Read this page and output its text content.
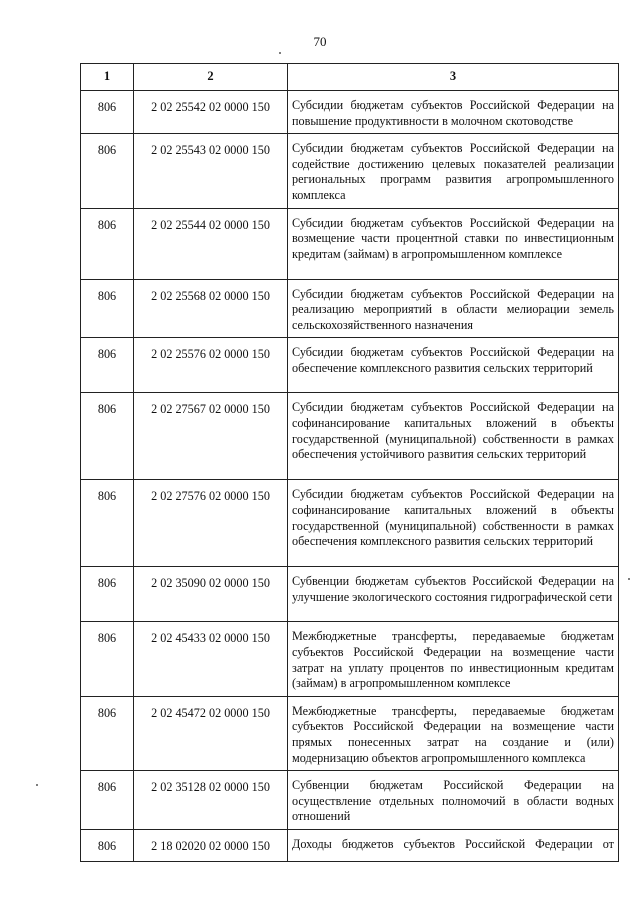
70
1	2	3
806	2 02 25542 02 0000 150	Субсидии бюджетам субъектов Российской Федерации на повышение продуктивности в молочном скотоводстве
806	2 02 25543 02 0000 150	Субсидии бюджетам субъектов Российской Федерации на содействие достижению целевых показателей реализации региональных программ развития агропромышленного комплекса
806	2 02 25544 02 0000 150	Субсидии бюджетам субъектов Российской Федерации на возмещение части процентной ставки по инвестиционным кредитам (займам) в агропромышленном комплексе
806	2 02 25568 02 0000 150	Субсидии бюджетам субъектов Российской Федерации на реализацию мероприятий в области мелиорации земель сельскохозяйственного назначения
806	2 02 25576 02 0000 150	Субсидии бюджетам субъектов Российской Федерации на обеспечение комплексного развития сельских территорий
806	2 02 27567 02 0000 150	Субсидии бюджетам субъектов Российской Федерации на софинансирование капитальных вложений в объекты государственной (муниципальной) собственности в рамках обеспечения устойчивого развития сельских территорий
806	2 02 27576 02 0000 150	Субсидии бюджетам субъектов Российской Федерации на софинансирование капитальных вложений в объекты государственной (муниципальной) собственности в рамках обеспечения комплексного развития сельских территорий
806	2 02 35090 02 0000 150	Субвенции бюджетам субъектов Российской Федерации на улучшение экологического состояния гидрографической сети
806	2 02 45433 02 0000 150	Межбюджетные трансферты, передаваемые бюджетам субъектов Российской Федерации на возмещение части затрат на уплату процентов по инвестиционным кредитам (займам) в агропромышленном комплексе
806	2 02 45472 02 0000 150	Межбюджетные трансферты, передаваемые бюджетам субъектов Российской Федерации на возмещение части прямых понесенных затрат на создание и (или) модернизацию объектов агропромышленного комплекса
806	2 02 35128 02 0000 150	Субвенции бюджетам Российской Федерации на осуществление отдельных полномочий в области водных отношений
806	2 18 02020 02 0000 150	Доходы бюджетов субъектов Российской Федерации от
